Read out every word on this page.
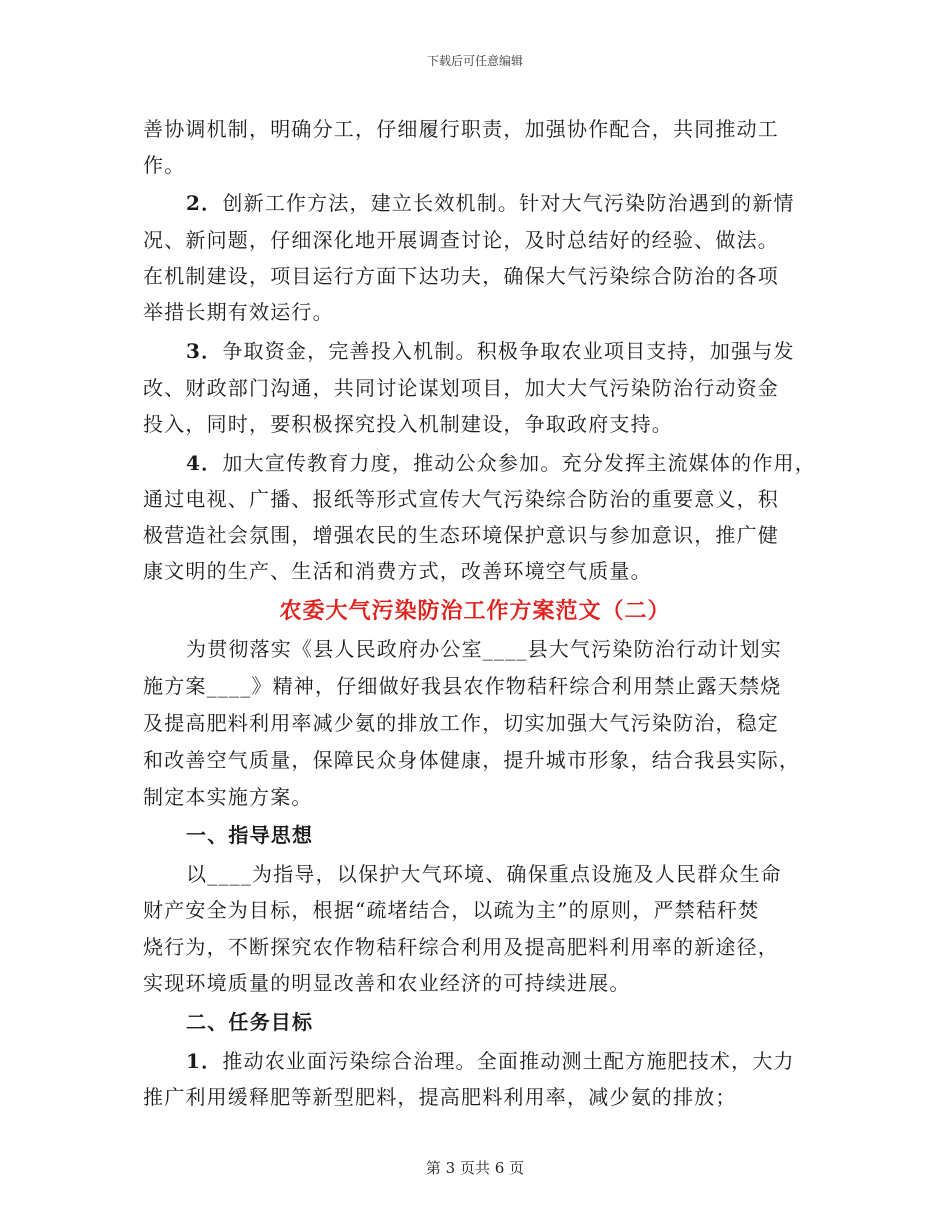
下载后可任意编辑
善协调机制，明确分工，仔细履行职责，加强协作配合，共同推动工
作。
2．创新工作方法，建立长效机制。针对大气污染防治遇到的新情
况、新问题，仔细深化地开展调查讨论，及时总结好的经验、做法。
在机制建设，项目运行方面下达功夫，确保大气污染综合防治的各项
举措长期有效运行。
3．争取资金，完善投入机制。积极争取农业项目支持，加强与发
改、财政部门沟通，共同讨论谋划项目，加大大气污染防治行动资金
投入，同时，要积极探究投入机制建设，争取政府支持。
4．加大宣传教育力度，推动公众参加。充分发挥主流媒体的作用，
通过电视、广播、报纸等形式宣传大气污染综合防治的重要意义，积
极营造社会氛围，增强农民的生态环境保护意识与参加意识，推广健
康文明的生产、生活和消费方式，改善环境空气质量。
农委大气污染防治工作方案范文（二）
为贯彻落实《县人民政府办公室____县大气污染防治行动计划实
施方案____》精神，仔细做好我县农作物秸秆综合利用禁止露天禁烧
及提高肥料利用率减少氨的排放工作，切实加强大气污染防治，稳定
和改善空气质量，保障民众身体健康，提升城市形象，结合我县实际，
制定本实施方案。
一、指导思想
以____为指导，以保护大气环境、确保重点设施及人民群众生命
财产安全为目标，根据“疏堵结合，以疏为主”的原则，严禁秸秆焚
烧行为，不断探究农作物秸秆综合利用及提高肥料利用率的新途径，
实现环境质量的明显改善和农业经济的可持续进展。
二、任务目标
1．推动农业面污染综合治理。全面推动测土配方施肥技术，大力
推广利用缓释肥等新型肥料，提高肥料利用率，减少氨的排放；
第 3 页共 6 页
